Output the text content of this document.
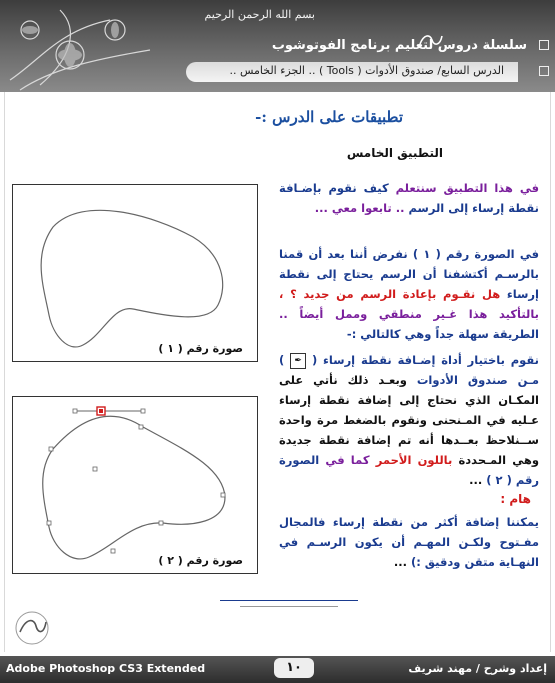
بسم الله الرحمن الرحيم
سلسلة دروس لتعليم برنامج الفوتوشوب
الدرس السابع/ صندوق الأدوات ( Tools ) .. الجزء الخامس ..
تطبيقات على الدرس :-
التطبيق الخامس
في هذا التطبيق سنتعلم كيف نقوم بإضـافة نقطة إرساء إلى الرسم .. تابعوا معي ...
في الصورة رقم ( ١ ) نفرض أننا بعد أن قمنا بالرسـم أكتشفنا أن الرسم يحتاج إلى نقطة إرساء هل نقـوم بإعادة الرسم من جديد ؟ ، بالتأكيد هذا غـير منطقي وممل أيضاً .. الطريقة سهلة جداً وهي كالتالي :-
نقوم باختيار أداة إضـافة نقطة إرساء ( ✒ ) مـن صندوق الأدوات وبعـد ذلك نأتي على المكـان الذي نحتاج إلى إضافة نقطة إرساء عـليه في المـنحنى ونقوم بالضغط مرة واحدة ســنلاحظ بعــدها أنه تم إضافة نقطة جديدة وهي المـحددة باللون الأحمر كما في الصورة رقم ( ٢ ) ...
هام :
يمكننا إضافة أكثر من نقطة إرساء فالمجال مفـتوح ولكـن المهـم أن يكون الرسـم في النهـاية متقن ودقيق :) ...
صورة رقم ( ١ )
صورة رقم ( ٢ )
Adobe Photoshop CS3 Extended	١٠	إعداد وشرح / مهند شريف
